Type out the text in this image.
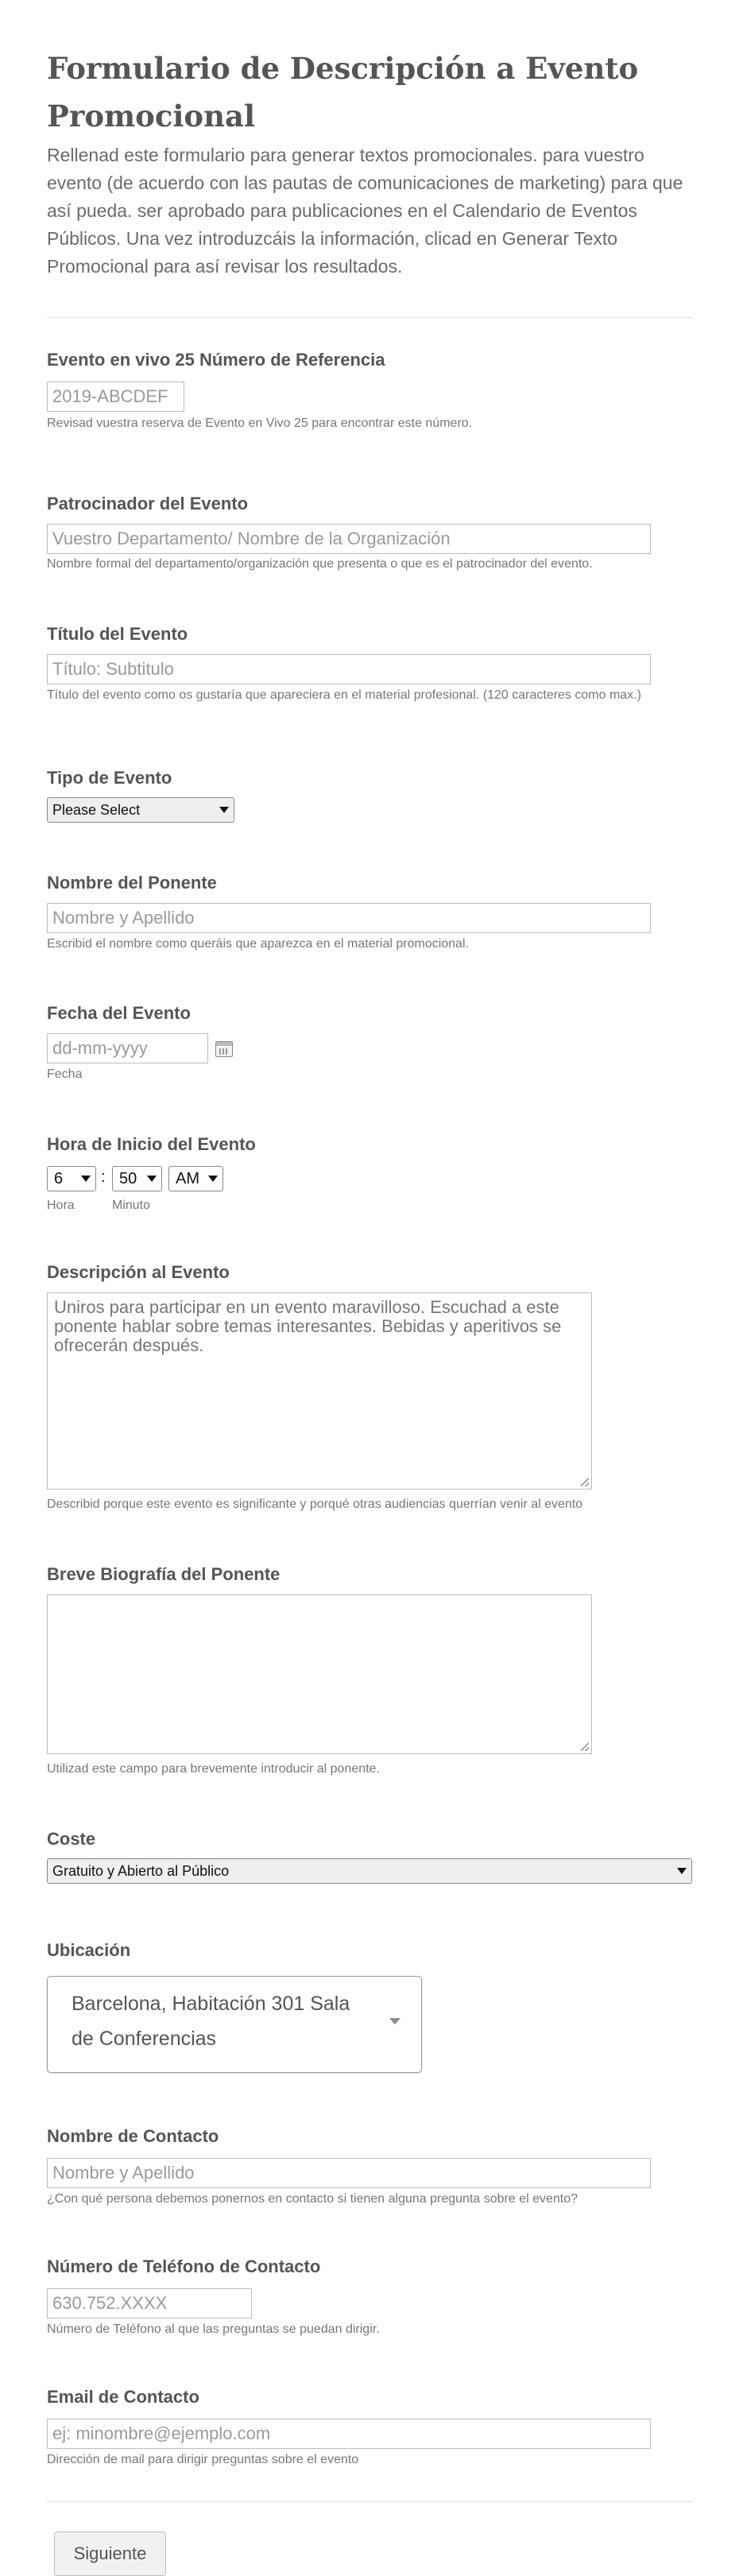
Formulario de Descripción a Evento Promocional

Rellenad este formulario para generar textos promocionales. para vuestro evento (de acuerdo con las pautas de comunicaciones de marketing) para que así pueda. ser aprobado para publicaciones en el Calendario de Eventos Públicos. Una vez introduzcáis la información, clicad en Generar Texto Promocional para así revisar los resultados.

Evento en vivo 25 Número de Referencia
2019-ABCDEF
Revisad vuestra reserva de Evento en Vivo 25 para encontrar este número.
Patrocinador del Evento
Vuestro Departamento/ Nombre de la Organización
Nombre formal del departamento/organización que presenta o que es el patrocinador del evento.
Título del Evento
Título: Subtitulo
Título del evento como os gustaría que apareciera en el material profesional. (120 caracteres como max.)
Tipo de Evento
Please Select
Nombre del Ponente
Nombre y Apellido
Escribid el nombre como queráis que aparezca en el material promocional.
Fecha del Evento
dd-mm-yyyy
Fecha
Hora de Inicio del Evento
6 : 50 AM
Hora	Minuto
Descripción al Evento
Uniros para participar en un evento maravilloso. Escuchad a este ponente hablar sobre temas interesantes. Bebidas y aperitivos se ofrecerán después.
Describid porque este evento es significante y porqué otras audiencias querrían venir al evento
Breve Biografía del Ponente
Utilizad este campo para brevemente introducir al ponente.
Coste
Gratuito y Abierto al Público
Ubicación
Barcelona, Habitación 301 Sala de Conferencias
Nombre de Contacto
Nombre y Apellido
¿Con qué persona debemos ponernos en contacto si tienen alguna pregunta sobre el evento?
Número de Teléfono de Contacto
630.752.XXXX
Número de Teléfono al que las preguntas se puedan dirigir.
Email de Contacto
ej: minombre@ejemplo.com
Dirección de mail para dirigir preguntas sobre el evento
Siguiente
